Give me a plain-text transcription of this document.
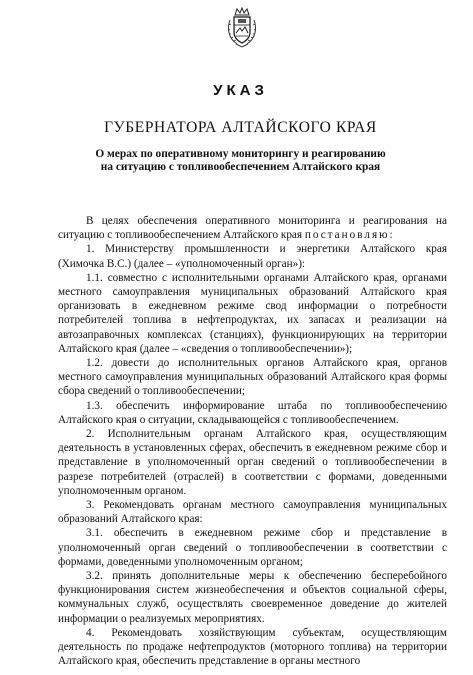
УКАЗ
ГУБЕРНАТОРА АЛТАЙСКОГО КРАЯ
О мерах по оперативному мониторингу и реагированию
на ситуацию с топливообеспечением Алтайского края
В целях обеспечения оперативного мониторинга и реагирования на ситуацию с топливообеспечением Алтайского края постановляю:
1. Министерству промышленности и энергетики Алтайского края (Химочка В.С.) (далее – «уполномоченный орган»):
1.1. совместно с исполнительными органами Алтайского края, органами местного самоуправления муниципальных образований Алтайского края организовать в ежедневном режиме свод информации о потребности потребителей топлива в нефтепродуктах, их запасах и реализации на автозаправочных комплексах (станциях), функционирующих на территории Алтайского края (далее – «сведения о топливообеспечении»);
1.2. довести до исполнительных органов Алтайского края, органов местного самоуправления муниципальных образований Алтайского края формы сбора сведений о топливообеспечении;
1.3. обеспечить информирование штаба по топливообеспечению Алтайского края о ситуации, складывающейся с топливообеспечением.
2. Исполнительным органам Алтайского края, осуществляющим деятельность в установленных сферах, обеспечить в ежедневном режиме сбор и представление в уполномоченный орган сведений о топливообеспечении в разрезе потребителей (отраслей) в соответствии с формами, доведенными уполномоченным органом.
3. Рекомендовать органам местного самоуправления муниципальных образований Алтайского края:
3.1. обеспечить в ежедневном режиме сбор и представление в уполномоченный орган сведений о топливообеспечении в соответствии с формами, доведенными уполномоченным органом;
3.2. принять дополнительные меры к обеспечению бесперебойного функционирования систем жизнеобеспечения и объектов социальной сферы, коммунальных служб, осуществлять своевременное доведение до жителей информации о реализуемых мероприятиях.
4. Рекомендовать хозяйствующим субъектам, осуществляющим деятельность по продаже нефтепродуктов (моторного топлива) на территории Алтайского края, обеспечить представление в органы местного
